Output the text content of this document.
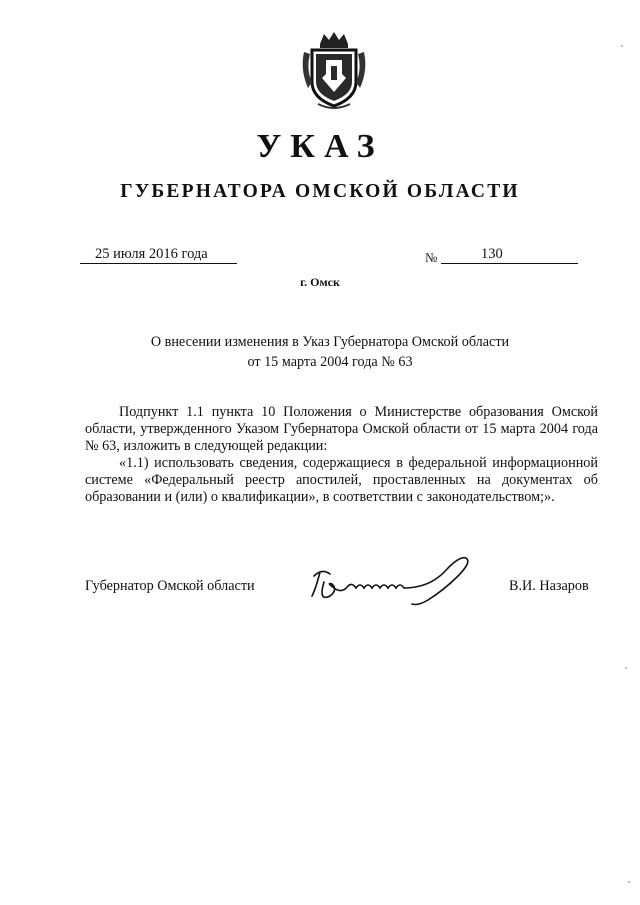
УКАЗ
ГУБЕРНАТОРА ОМСКОЙ ОБЛАСТИ
25 июля 2016 года	№	130
г. Омск
О внесении изменения в Указ Губернатора Омской области
от 15 марта 2004 года № 63

Подпункт 1.1 пункта 10 Положения о Министерстве образования Омской области, утвержденного Указом Губернатора Омской области от 15 марта 2004 года № 63, изложить в следующей редакции:

«1.1) использовать сведения, содержащиеся в федеральной информационной системе «Федеральный реестр апостилей, проставленных на документах об образовании и (или) о квалификации», в соответствии с законодательством;».

Губернатор Омской области	В.И. Назаров
